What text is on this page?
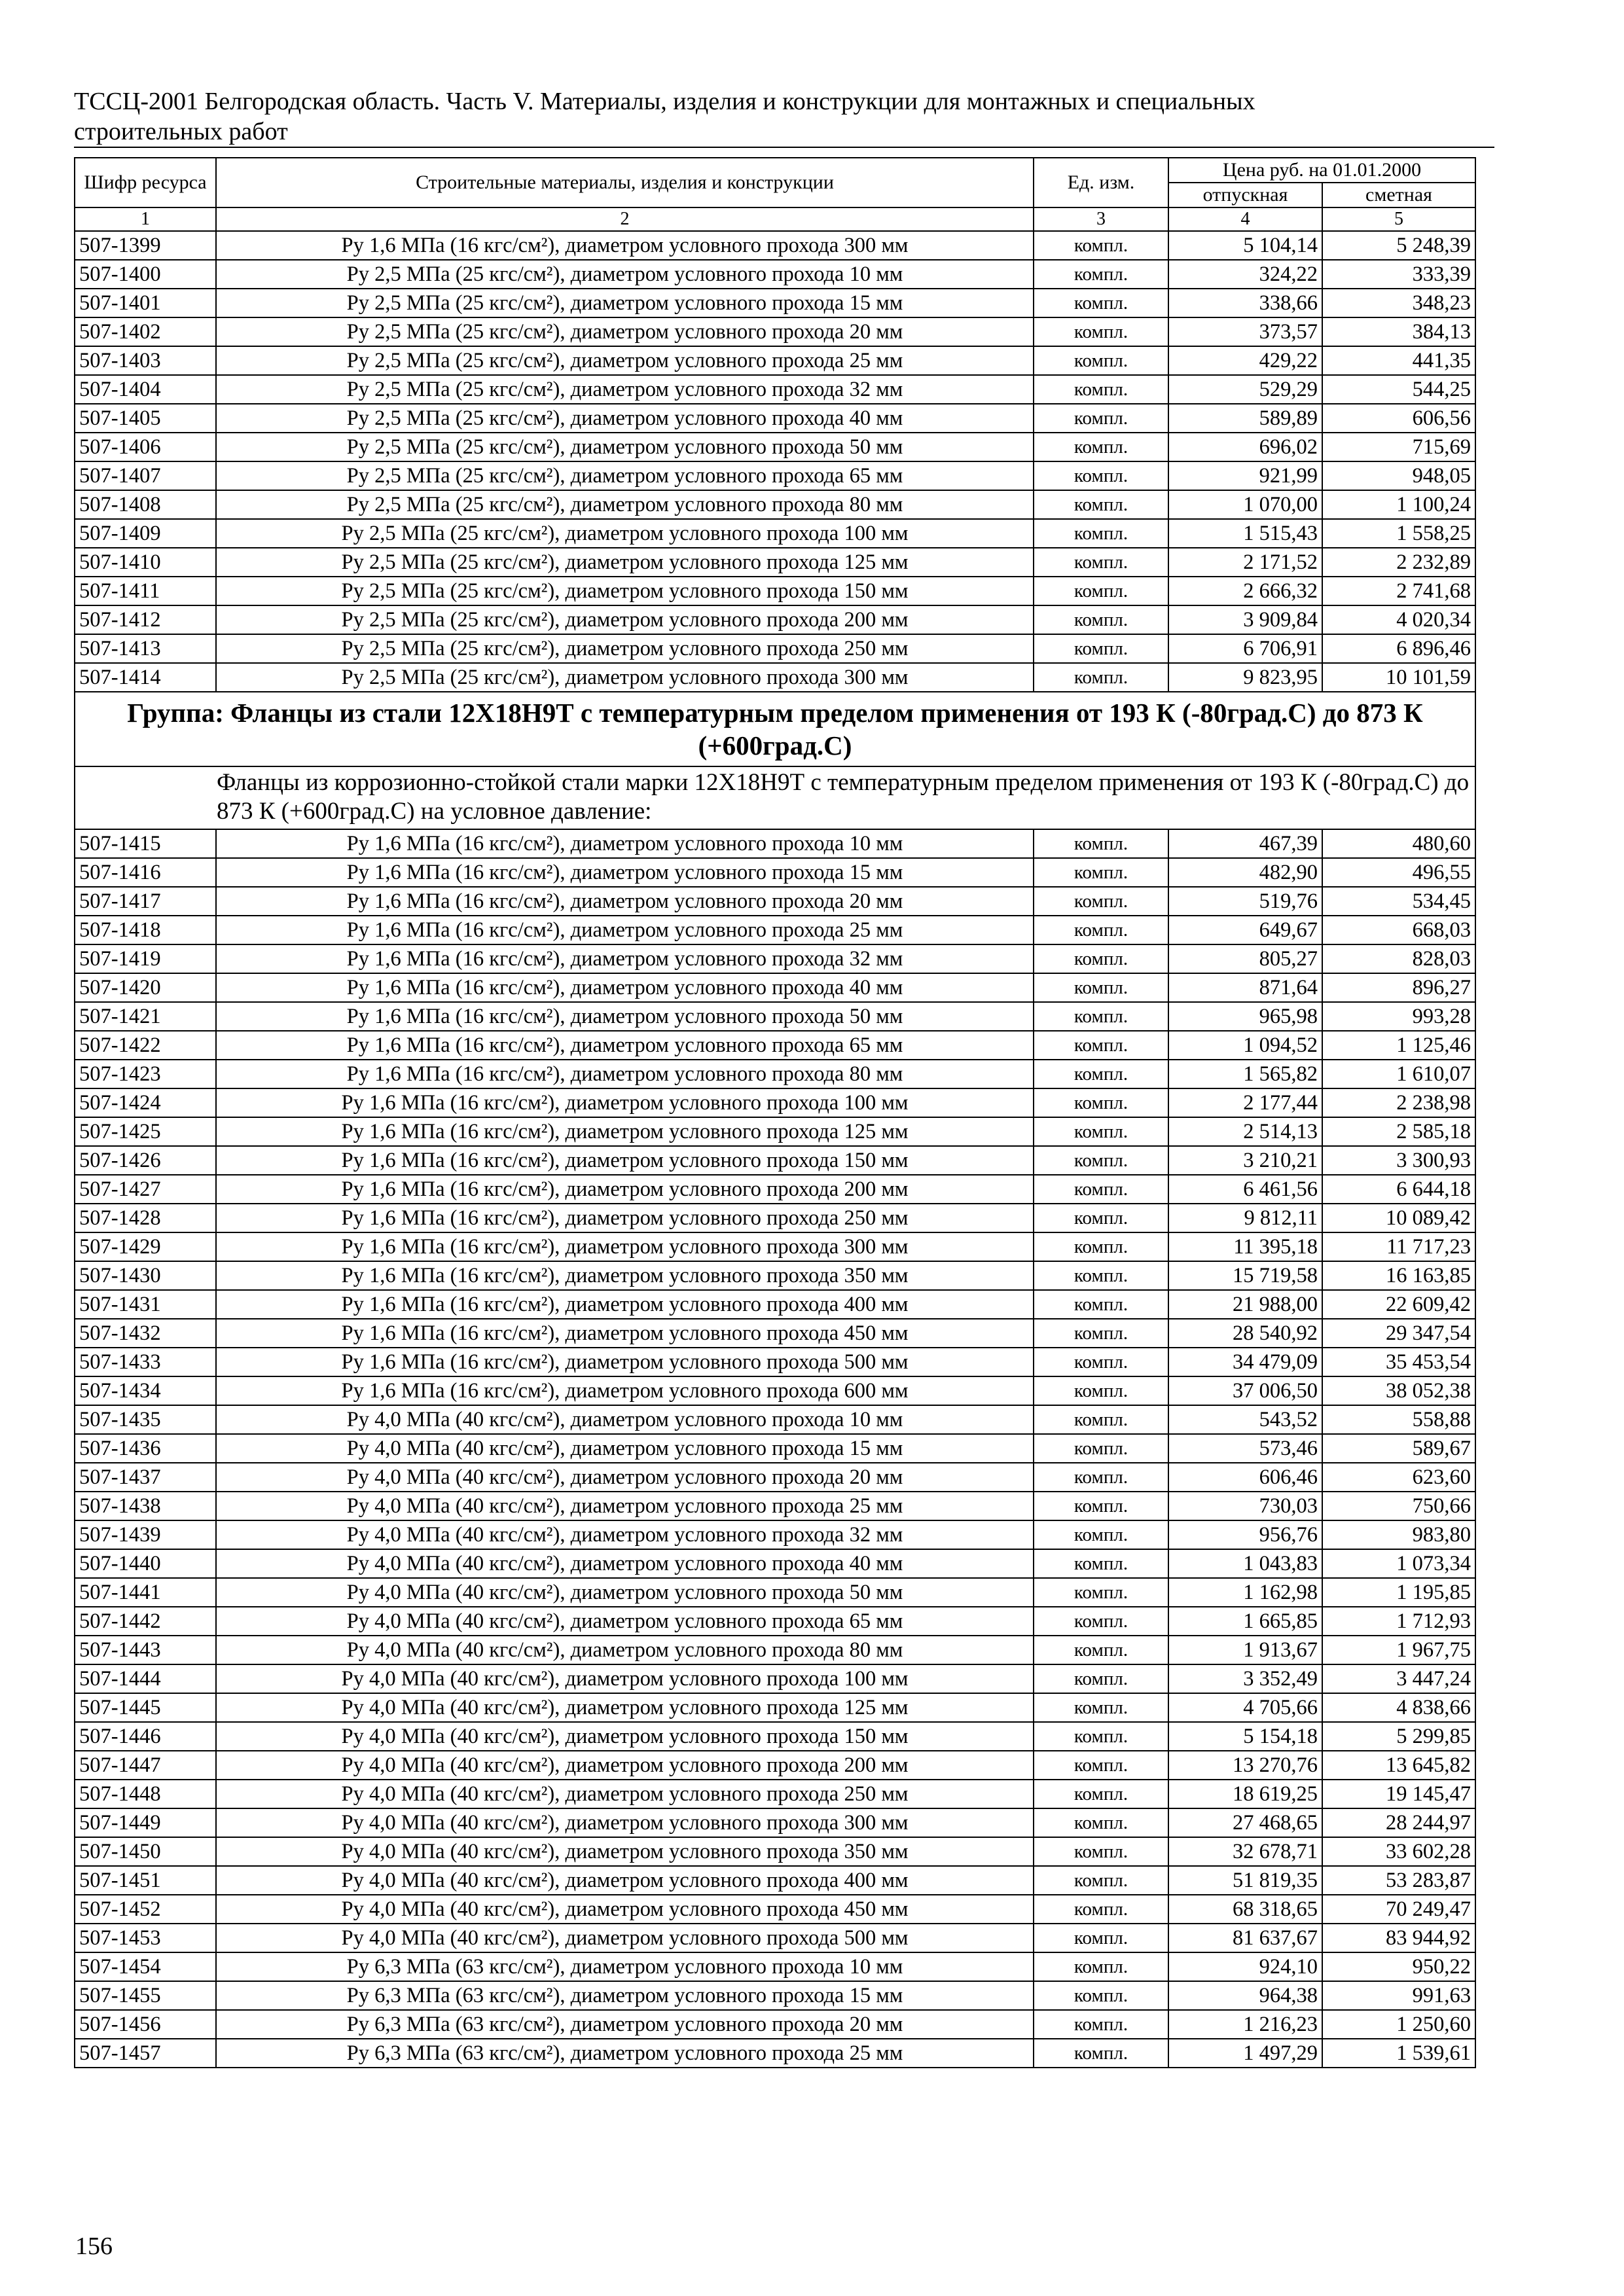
ТССЦ-2001 Белгородская область. Часть V. Материалы, изделия и конструкции для монтажных и специальных
строительных работ
Шифр ресурса	Строительные материалы, изделия и конструкции	Ед. изм.	Цена руб. на 01.01.2000	
			отпускная	сметная
1	2	3	4	5
507-1399	Ру 1,6 МПа (16 кгс/см²), диаметром условного прохода 300 мм	компл.	5 104,14	5 248,39
507-1400	Ру 2,5 МПа (25 кгс/см²), диаметром условного прохода 10 мм	компл.	324,22	333,39
507-1401	Ру 2,5 МПа (25 кгс/см²), диаметром условного прохода 15 мм	компл.	338,66	348,23
507-1402	Ру 2,5 МПа (25 кгс/см²), диаметром условного прохода 20 мм	компл.	373,57	384,13
507-1403	Ру 2,5 МПа (25 кгс/см²), диаметром условного прохода 25 мм	компл.	429,22	441,35
507-1404	Ру 2,5 МПа (25 кгс/см²), диаметром условного прохода 32 мм	компл.	529,29	544,25
507-1405	Ру 2,5 МПа (25 кгс/см²), диаметром условного прохода 40 мм	компл.	589,89	606,56
507-1406	Ру 2,5 МПа (25 кгс/см²), диаметром условного прохода 50 мм	компл.	696,02	715,69
507-1407	Ру 2,5 МПа (25 кгс/см²), диаметром условного прохода 65 мм	компл.	921,99	948,05
507-1408	Ру 2,5 МПа (25 кгс/см²), диаметром условного прохода 80 мм	компл.	1 070,00	1 100,24
507-1409	Ру 2,5 МПа (25 кгс/см²), диаметром условного прохода 100 мм	компл.	1 515,43	1 558,25
507-1410	Ру 2,5 МПа (25 кгс/см²), диаметром условного прохода 125 мм	компл.	2 171,52	2 232,89
507-1411	Ру 2,5 МПа (25 кгс/см²), диаметром условного прохода 150 мм	компл.	2 666,32	2 741,68
507-1412	Ру 2,5 МПа (25 кгс/см²), диаметром условного прохода 200 мм	компл.	3 909,84	4 020,34
507-1413	Ру 2,5 МПа (25 кгс/см²), диаметром условного прохода 250 мм	компл.	6 706,91	6 896,46
507-1414	Ру 2,5 МПа (25 кгс/см²), диаметром условного прохода 300 мм	компл.	9 823,95	10 101,59
Группа: Фланцы из стали 12Х18Н9Т с температурным пределом применения от 193 К (-80град.С) до 873 К (+600град.С)				
Фланцы из коррозионно-стойкой стали марки 12Х18Н9Т с температурным пределом применения от 193 К (-80град.С) до 873 К (+600град.С) на условное давление:				
507-1415	Ру 1,6 МПа (16 кгс/см²), диаметром условного прохода 10 мм	компл.	467,39	480,60
507-1416	Ру 1,6 МПа (16 кгс/см²), диаметром условного прохода 15 мм	компл.	482,90	496,55
507-1417	Ру 1,6 МПа (16 кгс/см²), диаметром условного прохода 20 мм	компл.	519,76	534,45
507-1418	Ру 1,6 МПа (16 кгс/см²), диаметром условного прохода 25 мм	компл.	649,67	668,03
507-1419	Ру 1,6 МПа (16 кгс/см²), диаметром условного прохода 32 мм	компл.	805,27	828,03
507-1420	Ру 1,6 МПа (16 кгс/см²), диаметром условного прохода 40 мм	компл.	871,64	896,27
507-1421	Ру 1,6 МПа (16 кгс/см²), диаметром условного прохода 50 мм	компл.	965,98	993,28
507-1422	Ру 1,6 МПа (16 кгс/см²), диаметром условного прохода 65 мм	компл.	1 094,52	1 125,46
507-1423	Ру 1,6 МПа (16 кгс/см²), диаметром условного прохода 80 мм	компл.	1 565,82	1 610,07
507-1424	Ру 1,6 МПа (16 кгс/см²), диаметром условного прохода 100 мм	компл.	2 177,44	2 238,98
507-1425	Ру 1,6 МПа (16 кгс/см²), диаметром условного прохода 125 мм	компл.	2 514,13	2 585,18
507-1426	Ру 1,6 МПа (16 кгс/см²), диаметром условного прохода 150 мм	компл.	3 210,21	3 300,93
507-1427	Ру 1,6 МПа (16 кгс/см²), диаметром условного прохода 200 мм	компл.	6 461,56	6 644,18
507-1428	Ру 1,6 МПа (16 кгс/см²), диаметром условного прохода 250 мм	компл.	9 812,11	10 089,42
507-1429	Ру 1,6 МПа (16 кгс/см²), диаметром условного прохода 300 мм	компл.	11 395,18	11 717,23
507-1430	Ру 1,6 МПа (16 кгс/см²), диаметром условного прохода 350 мм	компл.	15 719,58	16 163,85
507-1431	Ру 1,6 МПа (16 кгс/см²), диаметром условного прохода 400 мм	компл.	21 988,00	22 609,42
507-1432	Ру 1,6 МПа (16 кгс/см²), диаметром условного прохода 450 мм	компл.	28 540,92	29 347,54
507-1433	Ру 1,6 МПа (16 кгс/см²), диаметром условного прохода 500 мм	компл.	34 479,09	35 453,54
507-1434	Ру 1,6 МПа (16 кгс/см²), диаметром условного прохода 600 мм	компл.	37 006,50	38 052,38
507-1435	Ру 4,0 МПа (40 кгс/см²), диаметром условного прохода 10 мм	компл.	543,52	558,88
507-1436	Ру 4,0 МПа (40 кгс/см²), диаметром условного прохода 15 мм	компл.	573,46	589,67
507-1437	Ру 4,0 МПа (40 кгс/см²), диаметром условного прохода 20 мм	компл.	606,46	623,60
507-1438	Ру 4,0 МПа (40 кгс/см²), диаметром условного прохода 25 мм	компл.	730,03	750,66
507-1439	Ру 4,0 МПа (40 кгс/см²), диаметром условного прохода 32 мм	компл.	956,76	983,80
507-1440	Ру 4,0 МПа (40 кгс/см²), диаметром условного прохода 40 мм	компл.	1 043,83	1 073,34
507-1441	Ру 4,0 МПа (40 кгс/см²), диаметром условного прохода 50 мм	компл.	1 162,98	1 195,85
507-1442	Ру 4,0 МПа (40 кгс/см²), диаметром условного прохода 65 мм	компл.	1 665,85	1 712,93
507-1443	Ру 4,0 МПа (40 кгс/см²), диаметром условного прохода 80 мм	компл.	1 913,67	1 967,75
507-1444	Ру 4,0 МПа (40 кгс/см²), диаметром условного прохода 100 мм	компл.	3 352,49	3 447,24
507-1445	Ру 4,0 МПа (40 кгс/см²), диаметром условного прохода 125 мм	компл.	4 705,66	4 838,66
507-1446	Ру 4,0 МПа (40 кгс/см²), диаметром условного прохода 150 мм	компл.	5 154,18	5 299,85
507-1447	Ру 4,0 МПа (40 кгс/см²), диаметром условного прохода 200 мм	компл.	13 270,76	13 645,82
507-1448	Ру 4,0 МПа (40 кгс/см²), диаметром условного прохода 250 мм	компл.	18 619,25	19 145,47
507-1449	Ру 4,0 МПа (40 кгс/см²), диаметром условного прохода 300 мм	компл.	27 468,65	28 244,97
507-1450	Ру 4,0 МПа (40 кгс/см²), диаметром условного прохода 350 мм	компл.	32 678,71	33 602,28
507-1451	Ру 4,0 МПа (40 кгс/см²), диаметром условного прохода 400 мм	компл.	51 819,35	53 283,87
507-1452	Ру 4,0 МПа (40 кгс/см²), диаметром условного прохода 450 мм	компл.	68 318,65	70 249,47
507-1453	Ру 4,0 МПа (40 кгс/см²), диаметром условного прохода 500 мм	компл.	81 637,67	83 944,92
507-1454	Ру 6,3 МПа (63 кгс/см²), диаметром условного прохода 10 мм	компл.	924,10	950,22
507-1455	Ру 6,3 МПа (63 кгс/см²), диаметром условного прохода 15 мм	компл.	964,38	991,63
507-1456	Ру 6,3 МПа (63 кгс/см²), диаметром условного прохода 20 мм	компл.	1 216,23	1 250,60
507-1457	Ру 6,3 МПа (63 кгс/см²), диаметром условного прохода 25 мм	компл.	1 497,29	1 539,61
156
